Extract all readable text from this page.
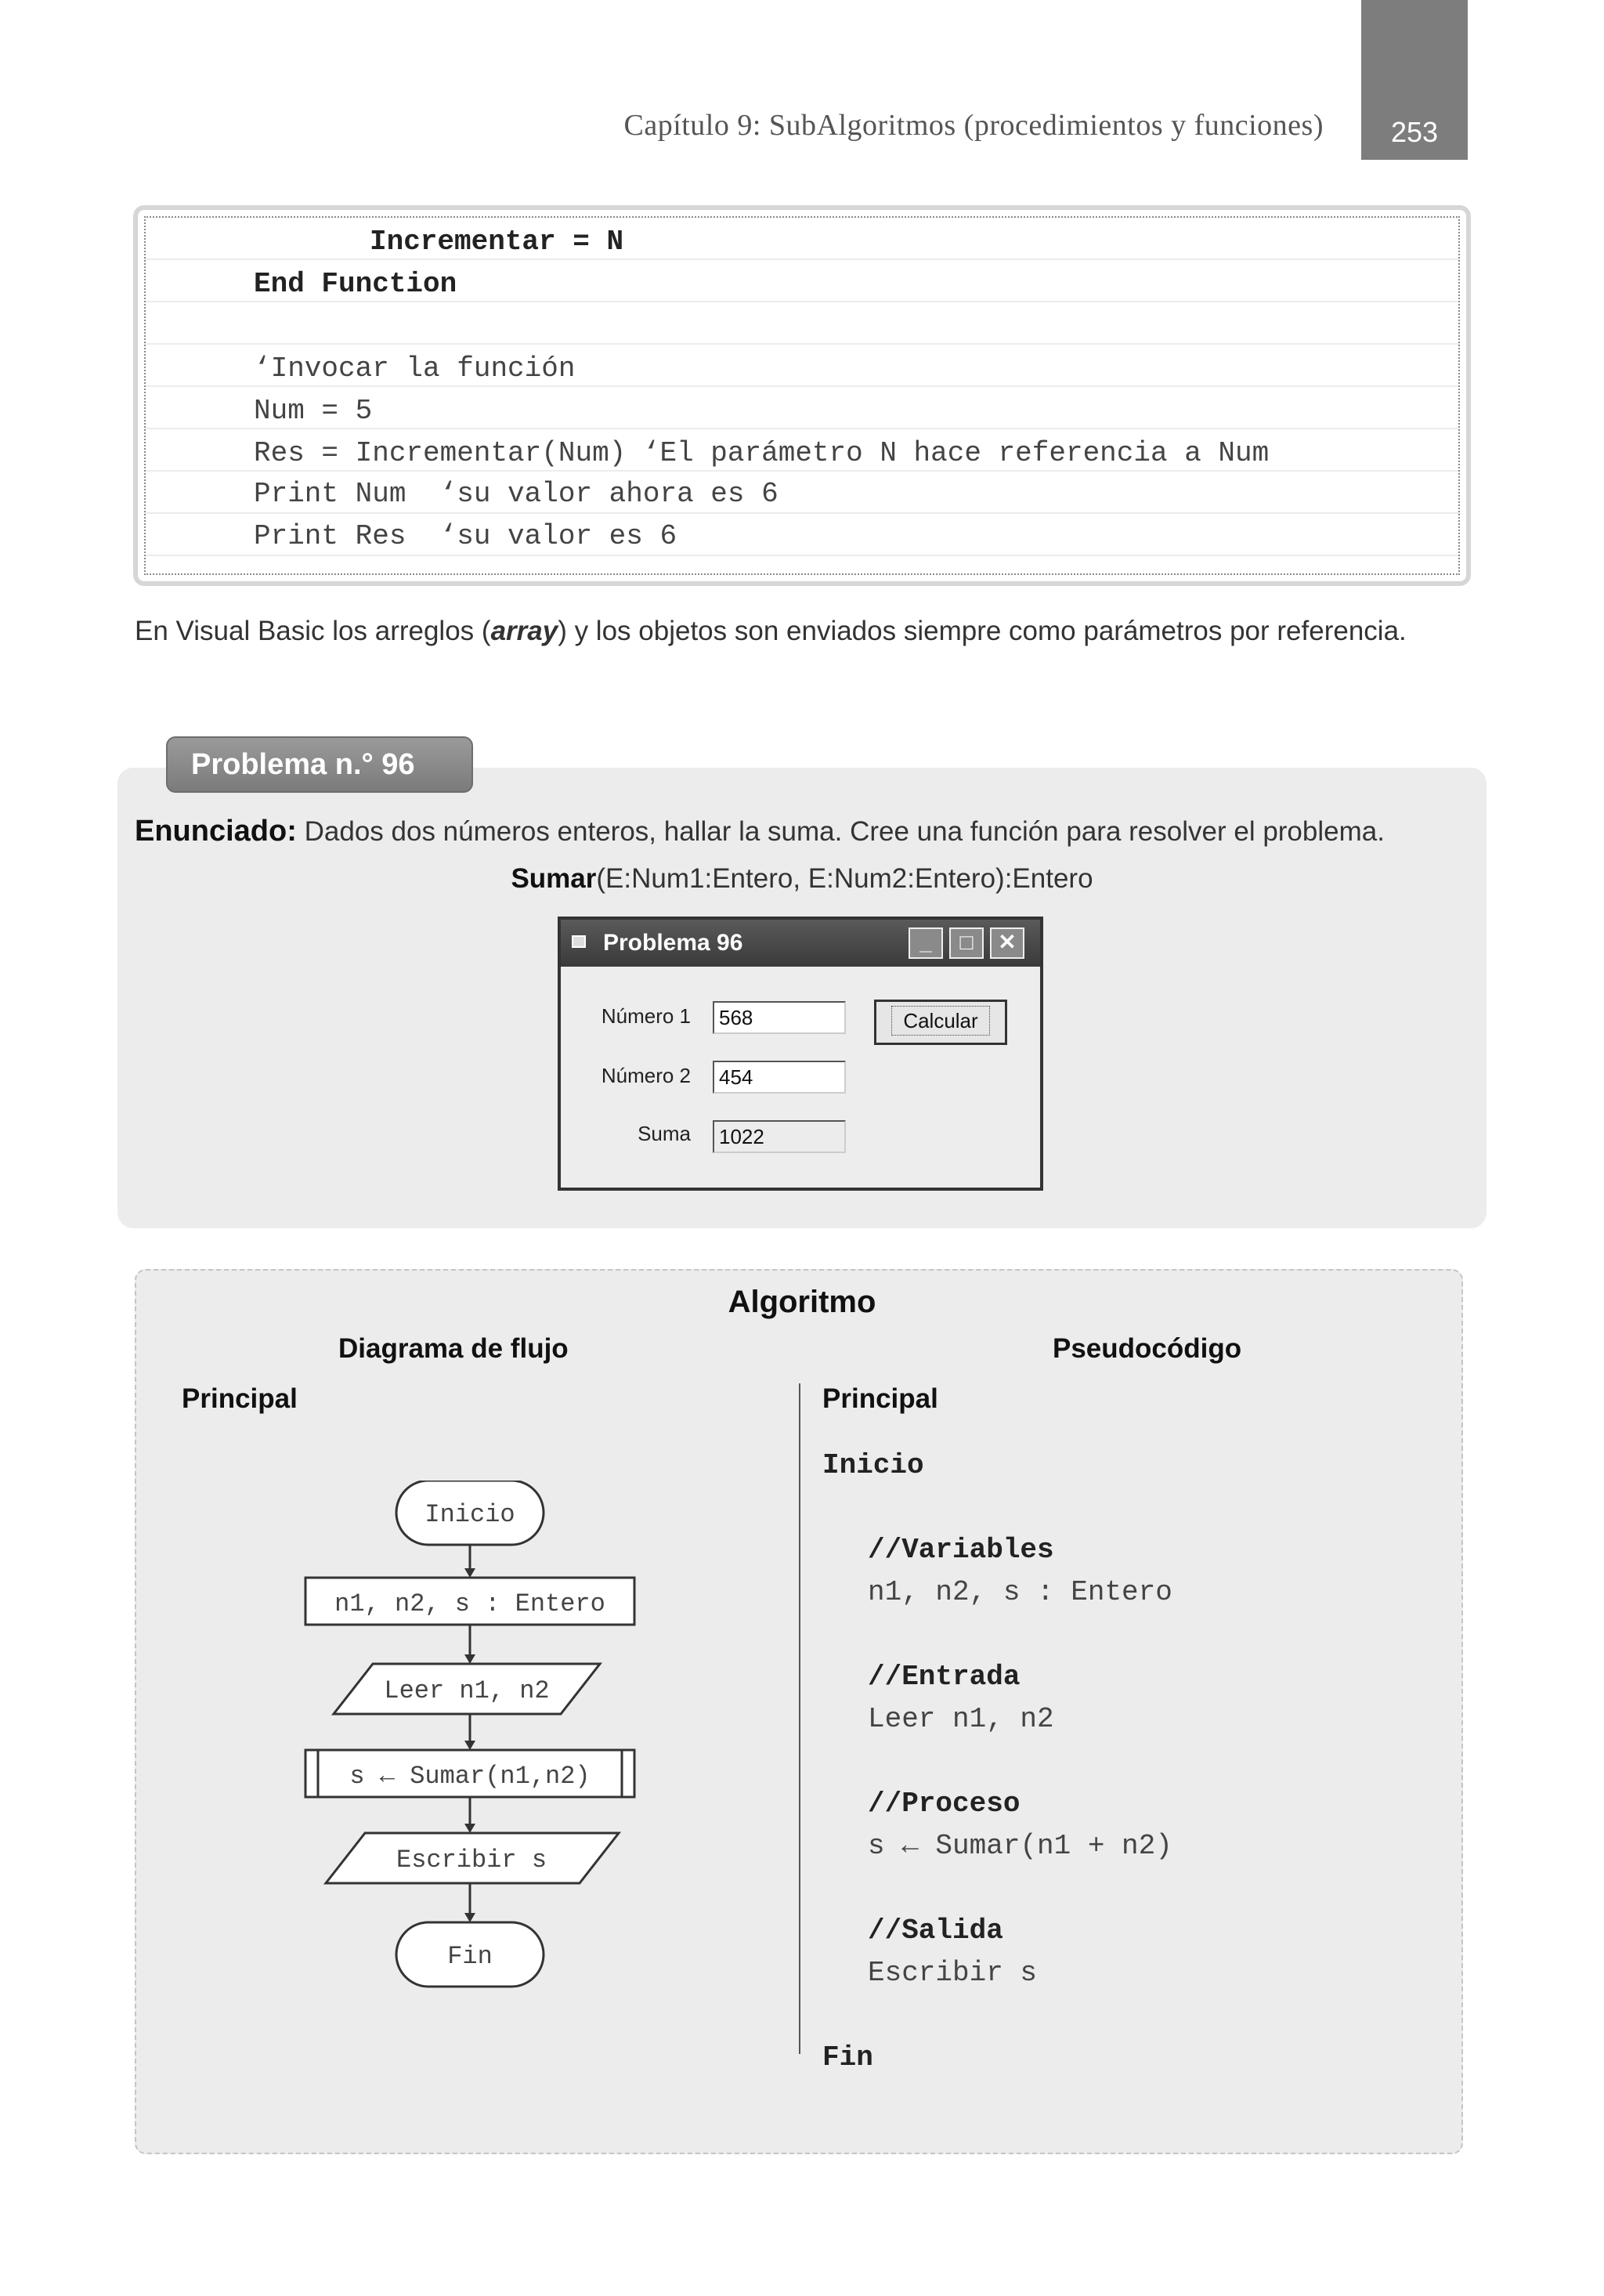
Capítulo 9: SubAlgoritmos (procedimientos y funciones)	253
Incrementar = N
End Function
‘Invocar la función
Num = 5
Res = Incrementar(Num) ‘El parámetro N hace referencia a Num
Print Num  ‘su valor ahora es 6
Print Res  ‘su valor es 6
En Visual Basic los arreglos (array) y los objetos son enviados siempre como parámetros por referencia.
Problema n.° 96
Enunciado: Dados dos números enteros, hallar la suma. Cree una función para resolver el problema.
Sumar(E:Num1:Entero, E:Num2:Entero):Entero
Problema 96	_	□	✕
Número 1	568
Número 2	454
Suma	1022
Calcular
Algoritmo
Diagrama de flujo	Pseudocódigo
Principal	Principal
Inicio
n1, n2, s : Entero
Leer n1, n2
s ← Sumar(n1,n2)
Escribir s
Fin
Inicio
//Variables
n1, n2, s : Entero
//Entrada
Leer n1, n2
//Proceso
s ← Sumar(n1 + n2)
//Salida
Escribir s
Fin
